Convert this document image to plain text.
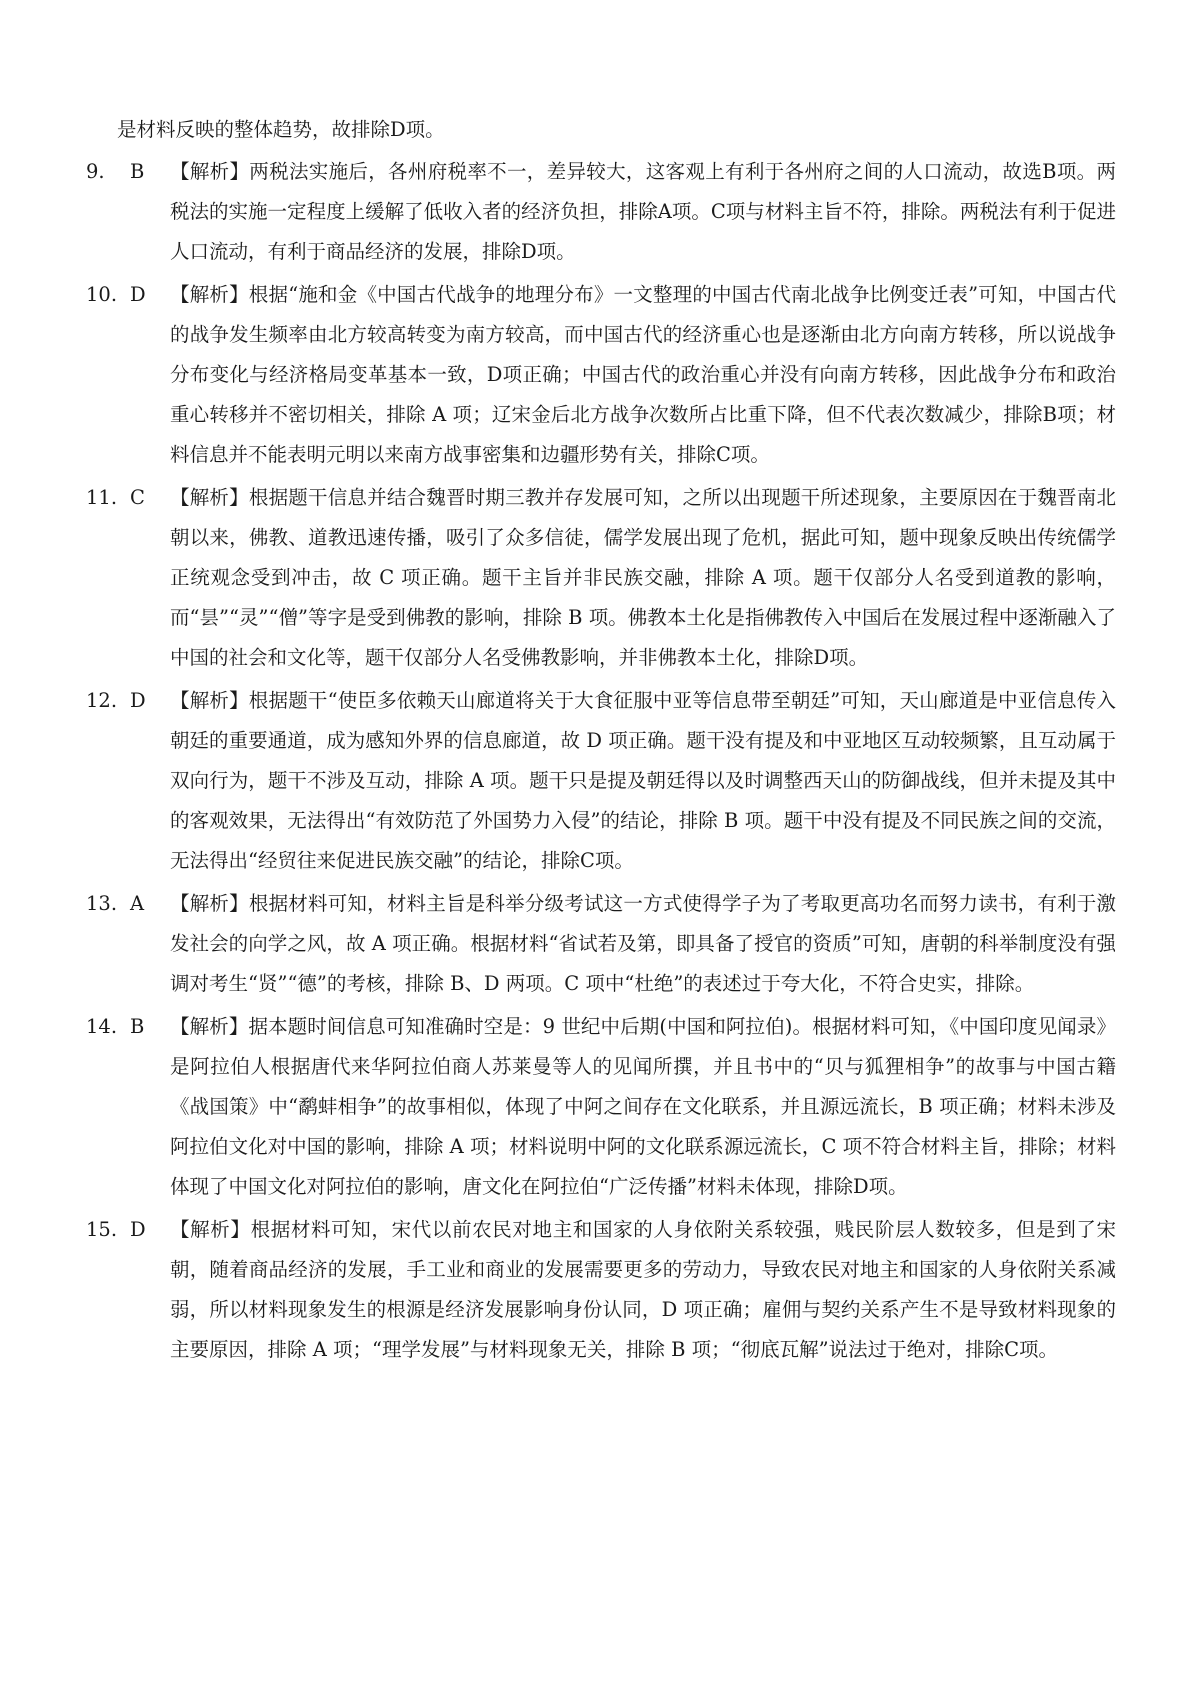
是材料反映的整体趋势，故排除D项。

9.	B	【解析】两税法实施后，各州府税率不一，差异较大，这客观上有利于各州府之间的人口流动，故选B项。两税法的实施一定程度上缓解了低收入者的经济负担，排除A项。C项与材料主旨不符，排除。两税法有利于促进人口流动，有利于商品经济的发展，排除D项。
10. D	【解析】根据“施和金《中国古代战争的地理分布》一文整理的中国古代南北战争比例变迁表”可知，中国古代的战争发生频率由北方较高转变为南方较高，而中国古代的经济重心也是逐渐由北方向南方转移，所以说战争分布变化与经济格局变革基本一致，D项正确；中国古代的政治重心并没有向南方转移，因此战争分布和政治重心转移并不密切相关，排除 A 项；辽宋金后北方战争次数所占比重下降，但不代表次数减少，排除B项；材料信息并不能表明元明以来南方战事密集和边疆形势有关，排除C项。
11. C	【解析】根据题干信息并结合魏晋时期三教并存发展可知，之所以出现题干所述现象，主要原因在于魏晋南北朝以来，佛教、道教迅速传播，吸引了众多信徒，儒学发展出现了危机，据此可知，题中现象反映出传统儒学正统观念受到冲击，故 C 项正确。题干主旨并非民族交融，排除 A 项。题干仅部分人名受到道教的影响，而“昙”“灵”“僧”等字是受到佛教的影响，排除 B 项。佛教本土化是指佛教传入中国后在发展过程中逐渐融入了中国的社会和文化等，题干仅部分人名受佛教影响，并非佛教本土化，排除D项。
12. D	【解析】根据题干“使臣多依赖天山廊道将关于大食征服中亚等信息带至朝廷”可知，天山廊道是中亚信息传入朝廷的重要通道，成为感知外界的信息廊道，故 D 项正确。题干没有提及和中亚地区互动较频繁，且互动属于双向行为，题干不涉及互动，排除 A 项。题干只是提及朝廷得以及时调整西天山的防御战线，但并未提及其中的客观效果，无法得出“有效防范了外国势力入侵”的结论，排除 B 项。题干中没有提及不同民族之间的交流，无法得出“经贸往来促进民族交融”的结论，排除C项。
13. A	【解析】根据材料可知，材料主旨是科举分级考试这一方式使得学子为了考取更高功名而努力读书，有利于激发社会的向学之风，故 A 项正确。根据材料“省试若及第，即具备了授官的资质”可知，唐朝的科举制度没有强调对考生“贤”“德”的考核，排除 B、D 两项。C 项中“杜绝”的表述过于夸大化，不符合史实，排除。
14. B	【解析】据本题时间信息可知准确时空是：9 世纪中后期(中国和阿拉伯)。根据材料可知，《中国印度见闻录》是阿拉伯人根据唐代来华阿拉伯商人苏莱曼等人的见闻所撰，并且书中的“贝与狐狸相争”的故事与中国古籍《战国策》中“鹬蚌相争”的故事相似，体现了中阿之间存在文化联系，并且源远流长，B 项正确；材料未涉及阿拉伯文化对中国的影响，排除 A 项；材料说明中阿的文化联系源远流长，C 项不符合材料主旨，排除；材料体现了中国文化对阿拉伯的影响，唐文化在阿拉伯“广泛传播”材料未体现，排除D项。
15. D	【解析】根据材料可知，宋代以前农民对地主和国家的人身依附关系较强，贱民阶层人数较多，但是到了宋朝，随着商品经济的发展，手工业和商业的发展需要更多的劳动力，导致农民对地主和国家的人身依附关系减弱，所以材料现象发生的根源是经济发展影响身份认同，D 项正确；雇佣与契约关系产生不是导致材料现象的主要原因，排除 A 项；“理学发展”与材料现象无关，排除 B 项；“彻底瓦解”说法过于绝对，排除C项。
